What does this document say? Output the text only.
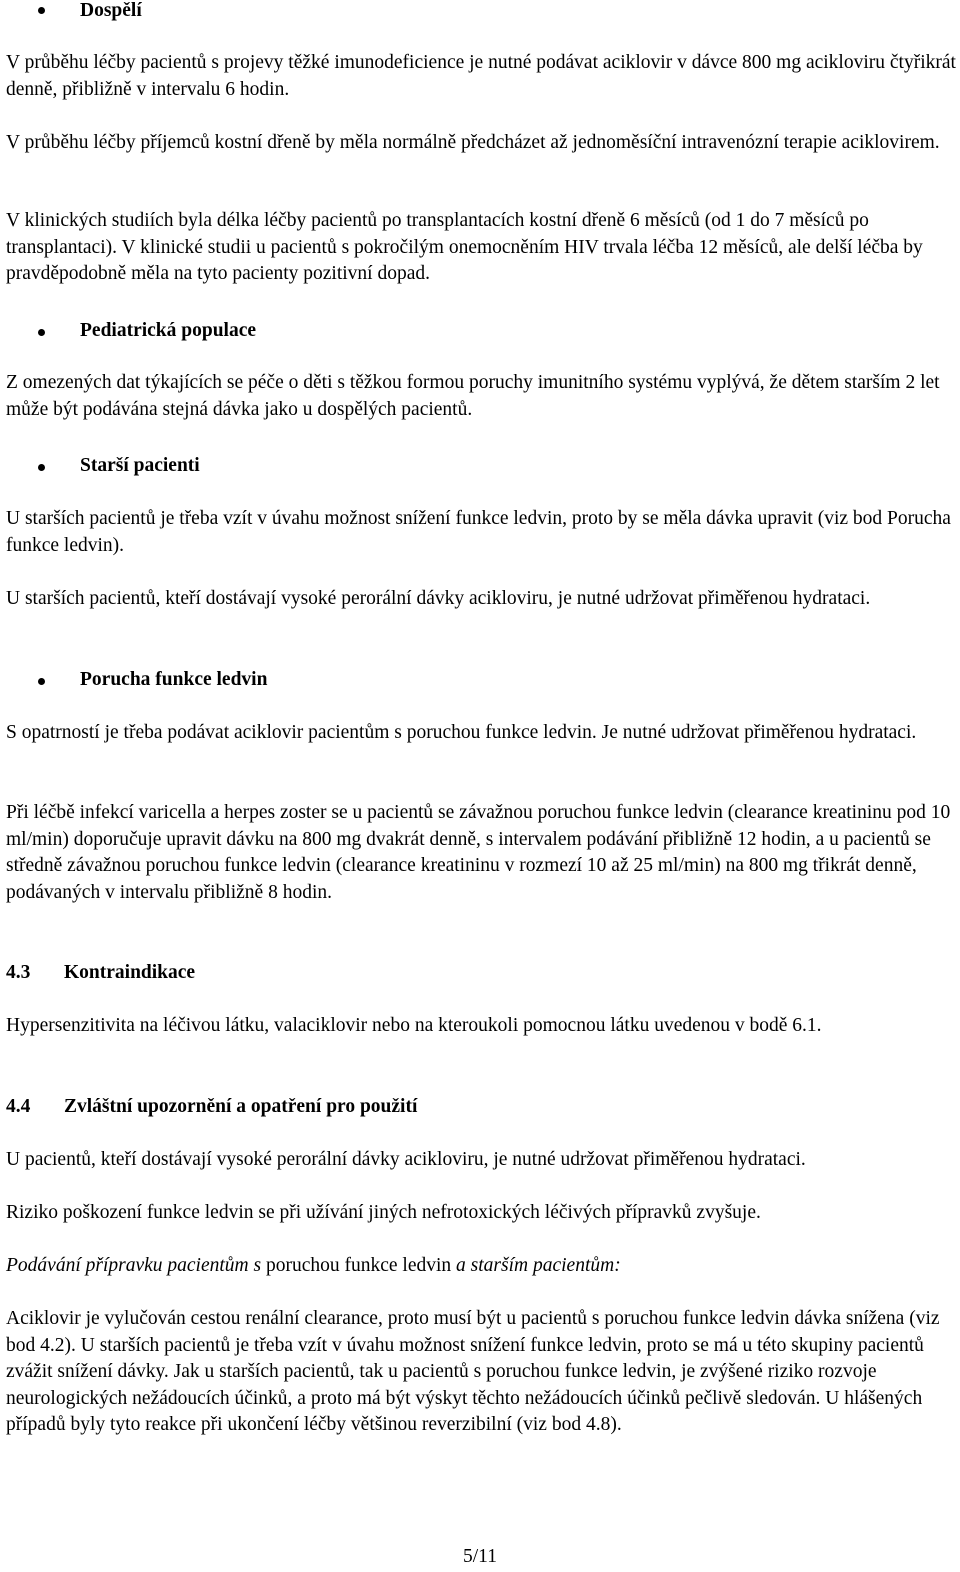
Dospělí

V průběhu léčby pacientů s projevy těžké imunodeficience je nutné podávat aciklovir v dávce 800 mg acikloviru čtyřikrát denně, přibližně v intervalu 6 hodin.

V průběhu léčby příjemců kostní dřeně by měla normálně předcházet až jednoměsíční intravenózní terapie aciklovirem.

V klinických studiích byla délka léčby pacientů po transplantacích kostní dřeně 6 měsíců (od 1 do 7 měsíců po transplantaci). V klinické studii u pacientů s pokročilým onemocněním HIV trvala léčba 12 měsíců, ale delší léčba by pravděpodobně měla na tyto pacienty pozitivní dopad.

Pediatrická populace

Z omezených dat týkajících se péče o děti s těžkou formou poruchy imunitního systému vyplývá, že dětem starším 2 let může být podávána stejná dávka jako u dospělých pacientů.

Starší pacienti

U starších pacientů je třeba vzít v úvahu možnost snížení funkce ledvin, proto by se měla dávka upravit (viz bod Porucha funkce ledvin).

U starších pacientů, kteří dostávají vysoké perorální dávky acikloviru, je nutné udržovat přiměřenou hydrataci.

Porucha funkce ledvin

S opatrností je třeba podávat aciklovir pacientům s poruchou funkce ledvin. Je nutné udržovat přiměřenou hydrataci.

Při léčbě infekcí varicella a herpes zoster se u pacientů se závažnou poruchou funkce ledvin (clearance kreatininu pod 10 ml/min) doporučuje upravit dávku na 800 mg dvakrát denně, s intervalem podávání přibližně 12 hodin, a u pacientů se středně závažnou poruchou funkce ledvin (clearance kreatininu v rozmezí 10 až 25 ml/min) na 800 mg třikrát denně, podávaných v intervalu přibližně 8 hodin.

4.3 Kontraindikace

Hypersenzitivita na léčivou látku, valaciklovir nebo na kteroukoli pomocnou látku uvedenou v bodě 6.1.

4.4 Zvláštní upozornění a opatření pro použití

U pacientů, kteří dostávají vysoké perorální dávky acikloviru, je nutné udržovat přiměřenou hydrataci.

Riziko poškození funkce ledvin se při užívání jiných nefrotoxických léčivých přípravků zvyšuje.

Podávání přípravku pacientům s poruchou funkce ledvin a starším pacientům:

Aciklovir je vylučován cestou renální clearance, proto musí být u pacientů s poruchou funkce ledvin dávka snížena (viz bod 4.2). U starších pacientů je třeba vzít v úvahu možnost snížení funkce ledvin, proto se má u této skupiny pacientů zvážit snížení dávky. Jak u starších pacientů, tak u pacientů s poruchou funkce ledvin, je zvýšené riziko rozvoje neurologických nežádoucích účinků, a proto má být výskyt těchto nežádoucích účinků pečlivě sledován. U hlášených případů byly tyto reakce při ukončení léčby většinou reverzibilní (viz bod 4.8).

5/11
